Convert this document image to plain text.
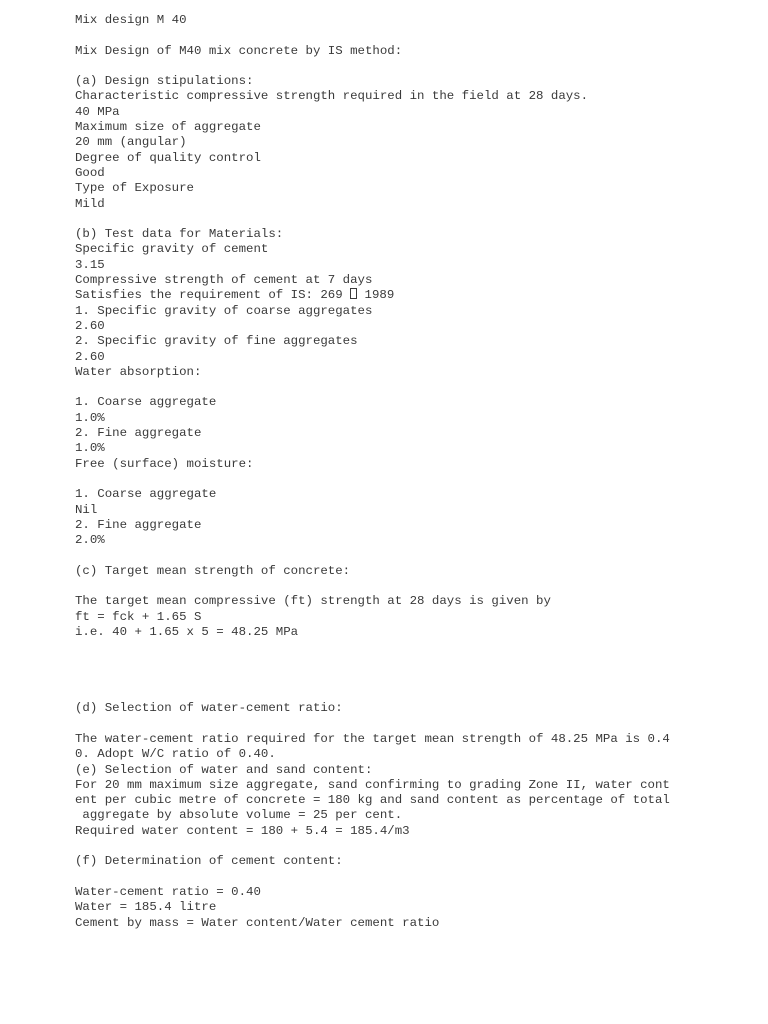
Mix design M 40
Mix Design of M40 mix concrete by IS method:
(a) Design stipulations:
Characteristic compressive strength required in the field at 28 days.
40 MPa
Maximum size of aggregate
20 mm (angular)
Degree of quality control
Good
Type of Exposure
Mild
(b) Test data for Materials:
Specific gravity of cement
3.15
Compressive strength of cement at 7 days
Satisfies the requirement of IS: 269  1989
1. Specific gravity of coarse aggregates
2.60
2. Specific gravity of fine aggregates
2.60
Water absorption:
1. Coarse aggregate
1.0%
2. Fine aggregate
1.0%
Free (surface) moisture:
1. Coarse aggregate
Nil
2. Fine aggregate
2.0%
(c) Target mean strength of concrete:
The target mean compressive (ft) strength at 28 days is given by
ft = fck + 1.65 S
i.e. 40 + 1.65 x 5 = 48.25 MPa
(d) Selection of water-cement ratio:
The water-cement ratio required for the target mean strength of 48.25 MPa is 0.4
0. Adopt W/C ratio of 0.40.
(e) Selection of water and sand content:
For 20 mm maximum size aggregate, sand confirming to grading Zone II, water cont
ent per cubic metre of concrete = 180 kg and sand content as percentage of total
aggregate by absolute volume = 25 per cent.
Required water content = 180 + 5.4 = 185.4/m3
(f) Determination of cement content:
Water-cement ratio = 0.40
Water = 185.4 litre
Cement by mass = Water content/Water cement ratio
